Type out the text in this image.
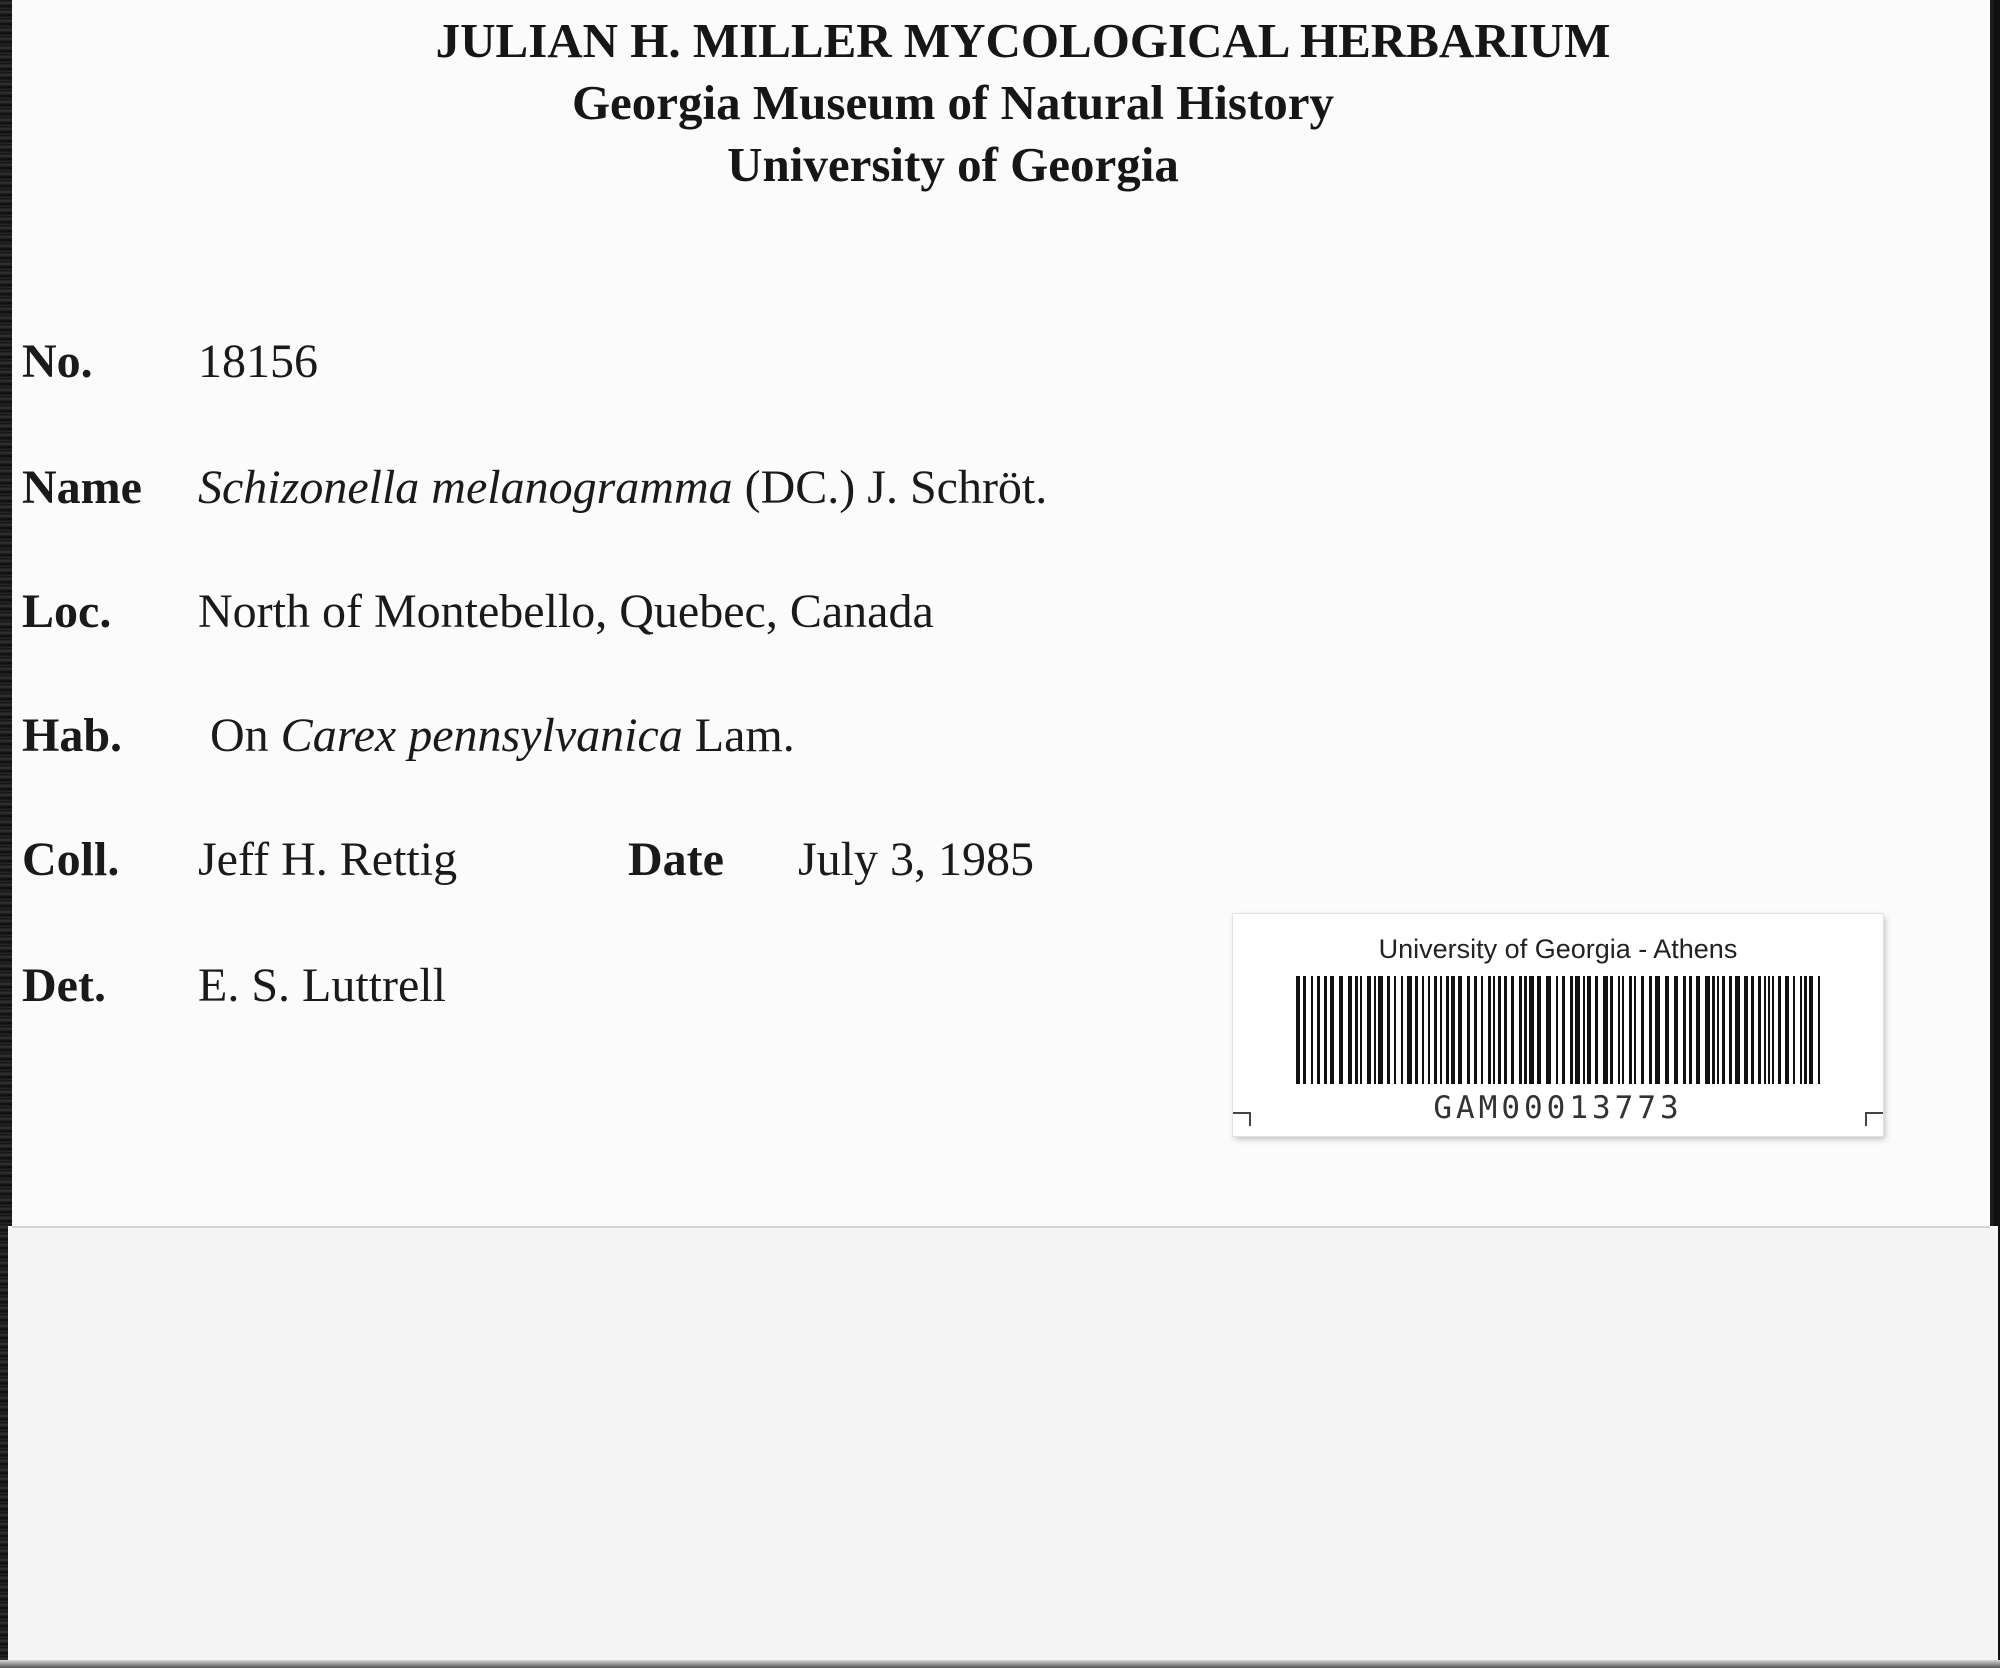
JULIAN H. MILLER MYCOLOGICAL HERBARIUM
Georgia Museum of Natural History
University of Georgia
No. 18156
Name Schizonella melanogramma (DC.) J. Schröt.
Loc. North of Montebello, Quebec, Canada
Hab. On Carex pennsylvanica Lam.
Coll. Jeff H. Rettig	Date July 3, 1985
Det. E. S. Luttrell
University of Georgia - Athens
GAM00013773
